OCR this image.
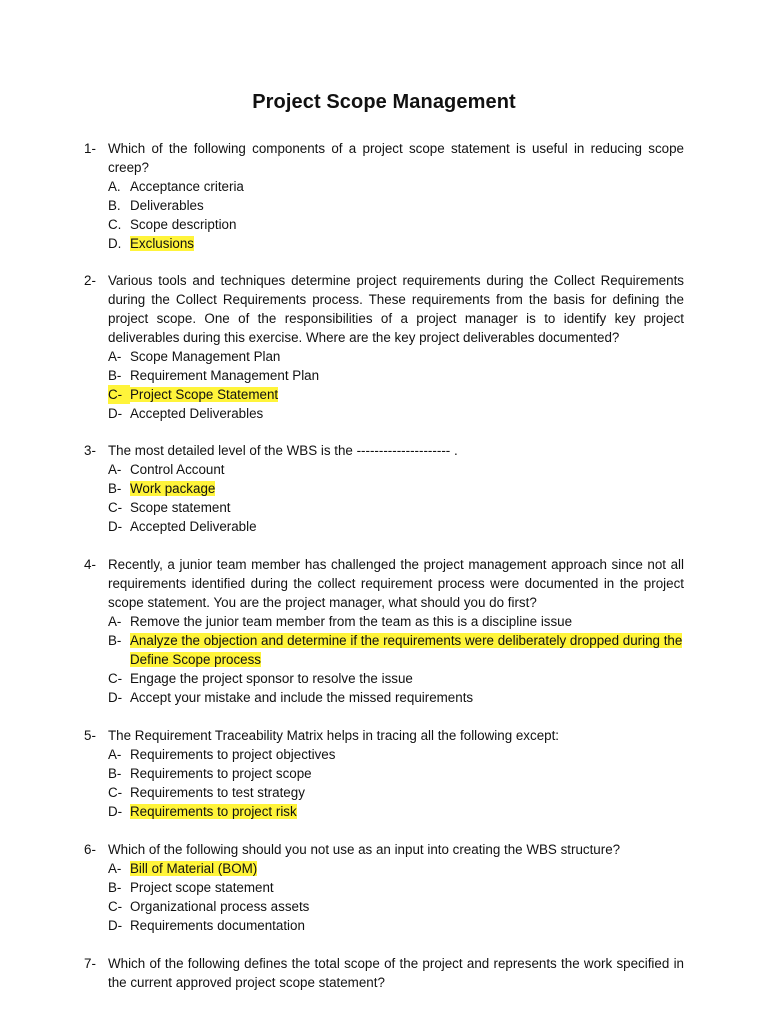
Project Scope Management
1- Which of the following components of a project scope statement is useful in reducing scope creep?
A. Acceptance criteria
B. Deliverables
C. Scope description
D. Exclusions
2- Various tools and techniques determine project requirements during the Collect Requirements during the Collect Requirements process. These requirements from the basis for defining the project scope. One of the responsibilities of a project manager is to identify key project deliverables during this exercise. Where are the key project deliverables documented?
A- Scope Management Plan
B- Requirement Management Plan
C- Project Scope Statement
D- Accepted Deliverables
3- The most detailed level of the WBS is the --------------------- .
A- Control Account
B- Work package
C- Scope statement
D- Accepted Deliverable
4- Recently, a junior team member has challenged the project management approach since not all requirements identified during the collect requirement process were documented in the project scope statement. You are the project manager, what should you do first?
A- Remove the junior team member from the team as this is a discipline issue
B- Analyze the objection and determine if the requirements were deliberately dropped during the Define Scope process
C- Engage the project sponsor to resolve the issue
D- Accept your mistake and include the missed requirements
5- The Requirement Traceability Matrix helps in tracing all the following except:
A- Requirements to project objectives
B- Requirements to project scope
C- Requirements to test strategy
D- Requirements to project risk
6- Which of the following should you not use as an input into creating the WBS structure?
A- Bill of Material (BOM)
B- Project scope statement
C- Organizational process assets
D- Requirements documentation
7- Which of the following defines the total scope of the project and represents the work specified in the current approved project scope statement?
